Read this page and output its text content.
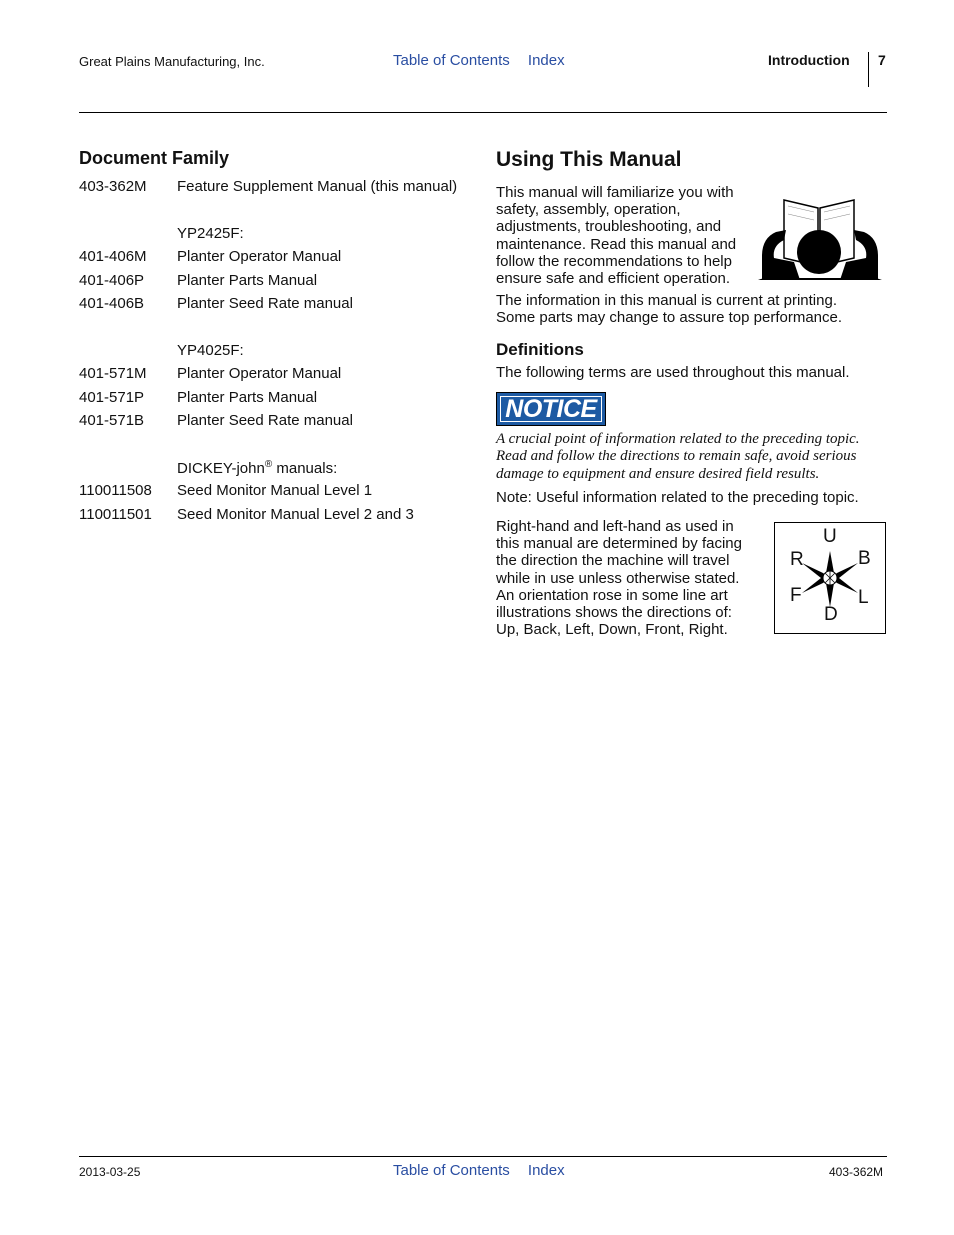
Great Plains Manufacturing, Inc.	Table of Contents Index	Introduction 7
Document Family
403-362M Feature Supplement Manual (this manual)
YP2425F:
401-406M Planter Operator Manual
401-406P Planter Parts Manual
401-406B Planter Seed Rate manual
YP4025F:
401-571M Planter Operator Manual
401-571P Planter Parts Manual
401-571B Planter Seed Rate manual
DICKEY-john® manuals:
110011508 Seed Monitor Manual Level 1
110011501 Seed Monitor Manual Level 2 and 3
Using This Manual
This manual will familiarize you with
safety, assembly, operation,
adjustments, troubleshooting, and
maintenance. Read this manual and
follow the recommendations to help
ensure safe and efficient operation.
The information in this manual is current at printing.
Some parts may change to assure top performance.
Definitions
The following terms are used throughout this manual.
NOTICE
A crucial point of information related to the preceding topic.
Read and follow the directions to remain safe, avoid serious
damage to equipment and ensure desired field results.
Note: Useful information related to the preceding topic.
Right-hand and left-hand as used in
this manual are determined by facing
the direction the machine will travel
while in use unless otherwise stated.
An orientation rose in some line art
illustrations shows the directions of:
Up, Back, Left, Down, Front, Right.
U
B
R
F	L
D
2013-03-25	Table of Contents Index	403-362M
